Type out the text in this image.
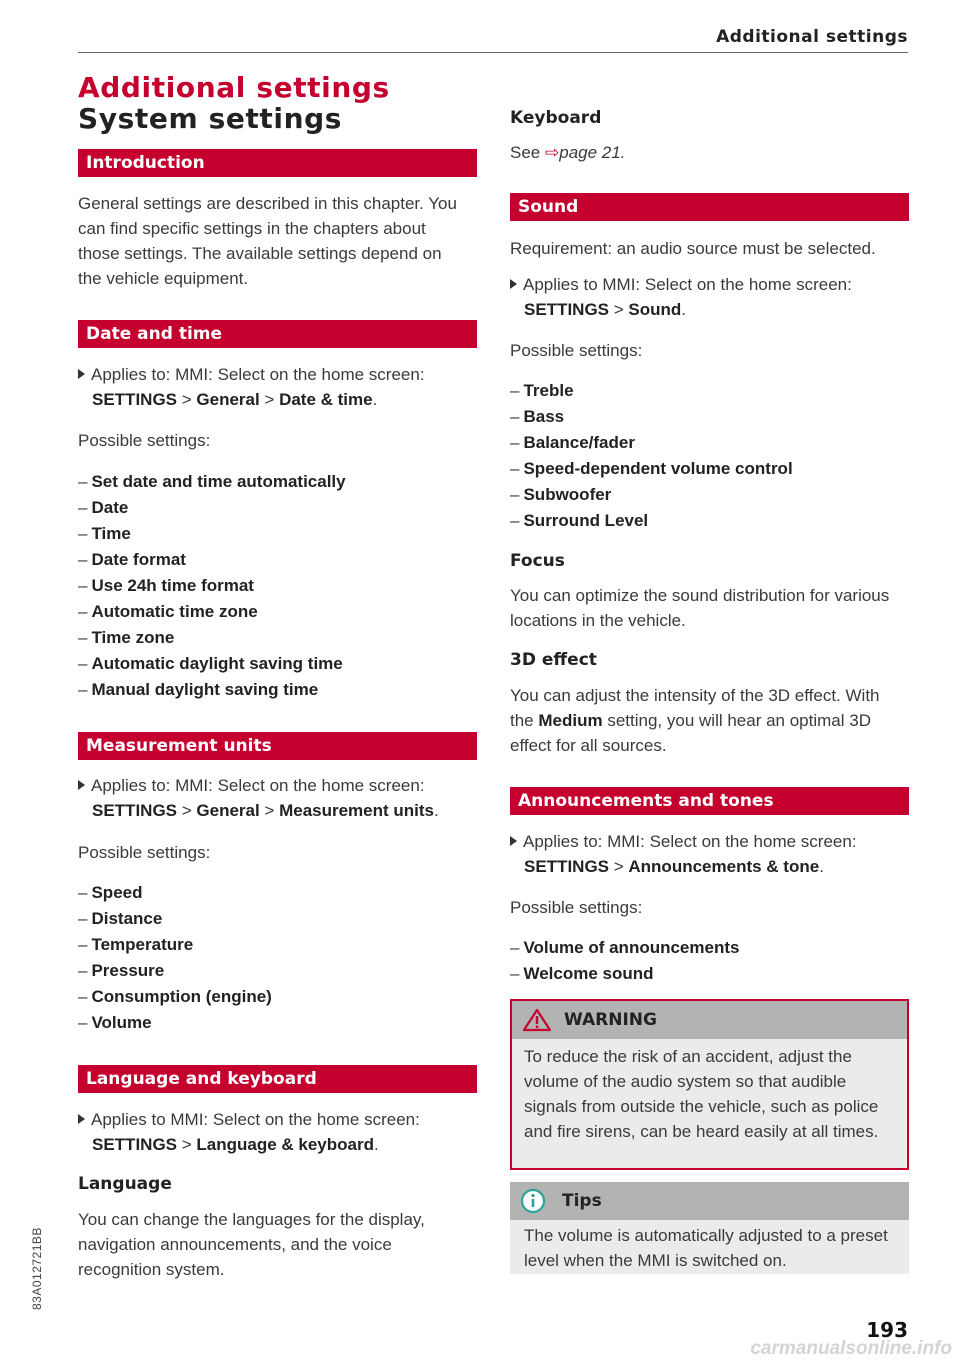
Additional settings
Additional settings
System settings
Introduction

General settings are described in this chapter. You can find specific settings in the chapters about those settings. The available settings depend on the vehicle equipment.

Date and time
Applies to: MMI: Select on the home screen:
SETTINGS > General > Date & time.

Possible settings:

– Set date and time automatically
– Date
– Time
– Date format
– Use 24h time format
– Automatic time zone
– Time zone
– Automatic daylight saving time
– Manual daylight saving time
Measurement units
Applies to: MMI: Select on the home screen:
SETTINGS > General > Measurement units.

Possible settings:

– Speed
– Distance
– Temperature
– Pressure
– Consumption (engine)
– Volume
Language and keyboard
Applies to MMI: Select on the home screen:
SETTINGS > Language & keyboard.
Language

You can change the languages for the display, navigation announcements, and the voice recognition system.

Keyboard

See ⇨page 21.

Sound

Requirement: an audio source must be selected.

Applies to MMI: Select on the home screen:
SETTINGS > Sound.

Possible settings:

– Treble
– Bass
– Balance/fader
– Speed-dependent volume control
– Subwoofer
– Surround Level
Focus

You can optimize the sound distribution for various locations in the vehicle.

3D effect

You can adjust the intensity of the 3D effect. With the Medium setting, you will hear an optimal 3D effect for all sources.

Announcements and tones
Applies to: MMI: Select on the home screen:
SETTINGS > Announcements & tone.

Possible settings:

– Volume of announcements
– Welcome sound
WARNING
To reduce the risk of an accident, adjust the volume of the audio system so that audible signals from outside the vehicle, such as police and fire sirens, can be heard easily at all times.
Tips
The volume is automatically adjusted to a preset level when the MMI is switched on.
193
83A012721BB
carmanualsonline.info
